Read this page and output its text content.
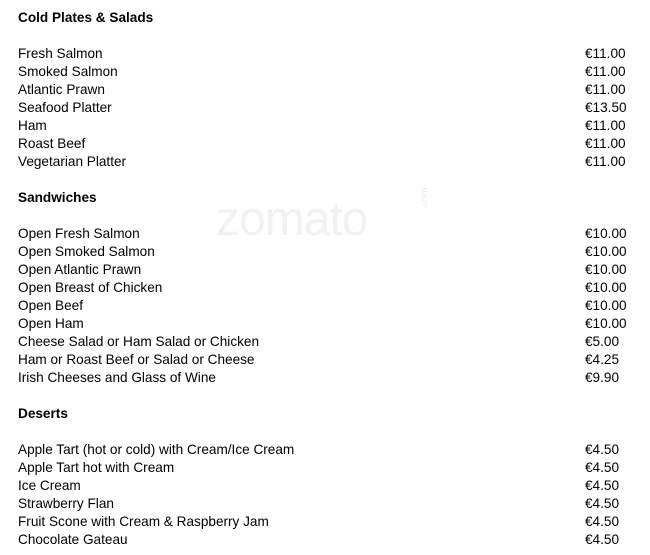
zomato	.com
Cold Plates & Salads
Fresh Salmon	€11.00
Smoked Salmon	€11.00
Atlantic Prawn	€11.00
Seafood Platter	€13.50
Ham	€11.00
Roast Beef	€11.00
Vegetarian Platter	€11.00
Sandwiches
Open Fresh Salmon	€10.00
Open Smoked Salmon	€10.00
Open Atlantic Prawn	€10.00
Open Breast of Chicken	€10.00
Open Beef	€10.00
Open Ham	€10.00
Cheese Salad or Ham Salad or Chicken	€5.00
Ham or Roast Beef or Salad or Cheese	€4.25
Irish Cheeses and Glass of Wine	€9.90
Deserts
Apple Tart (hot or cold) with Cream/Ice Cream	€4.50
Apple Tart hot with Cream	€4.50
Ice Cream	€4.50
Strawberry Flan	€4.50
Fruit Scone with Cream & Raspberry Jam	€4.50
Chocolate Gateau	€4.50
